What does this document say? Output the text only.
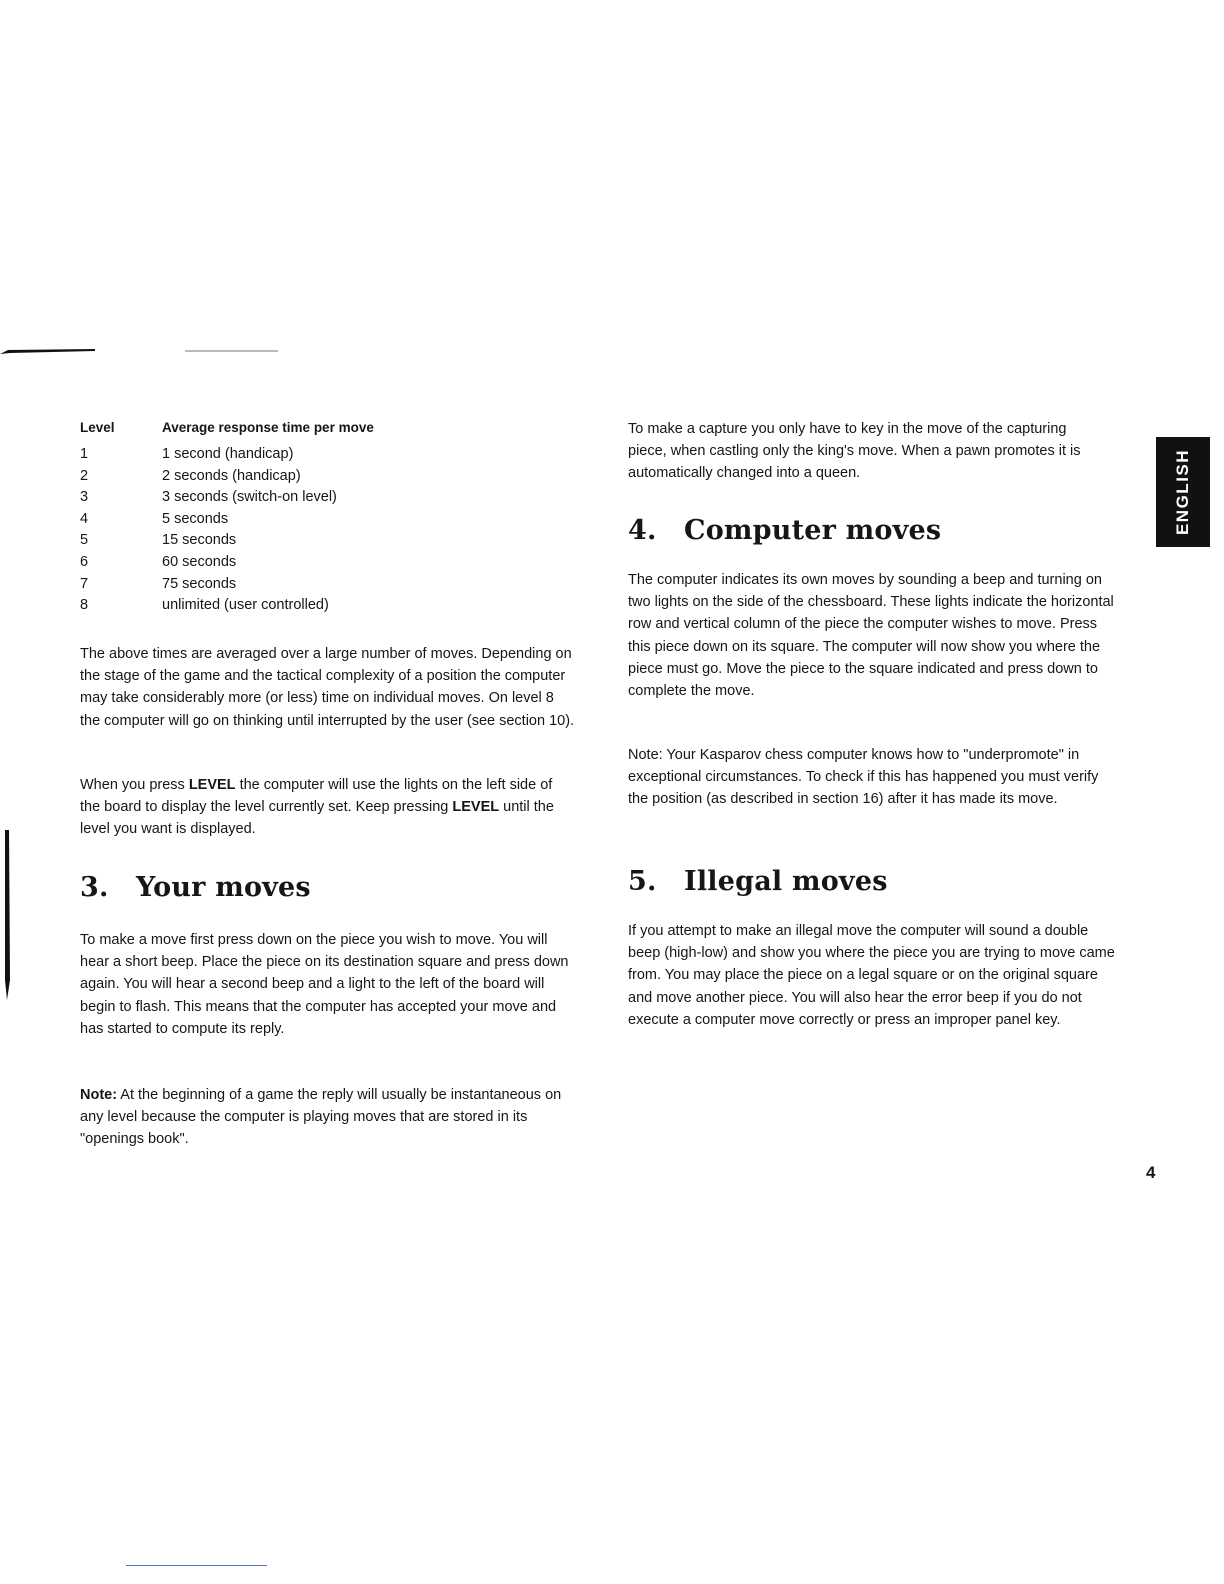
ENGLISH
Level	Average response time per move
1	1 second (handicap)
2	2 seconds (handicap)
3	3 seconds (switch-on level)
4	5 seconds
5	15 seconds
6	60 seconds
7	75 seconds
8	unlimited (user controlled)

The above times are averaged over a large number of moves. Depending on the stage of the game and the tactical complexity of a position the computer may take considerably more (or less) time on individual moves. On level 8 the computer will go on thinking until interrupted by the user (see section 10).

When you press LEVEL the computer will use the lights on the left side of the board to display the level currently set. Keep pressing LEVEL until the level you want is displayed.

3. Your moves

To make a move first press down on the piece you wish to move. You will hear a short beep. Place the piece on its destination square and press down again. You will hear a second beep and a light to the left of the board will begin to flash. This means that the computer has accepted your move and has started to compute its reply.

Note: At the beginning of a game the reply will usually be instantaneous on any level because the computer is playing moves that are stored in its "openings book".

To make a capture you only have to key in the move of the capturing piece, when castling only the king's move. When a pawn promotes it is automatically changed into a queen.

4. Computer moves

The computer indicates its own moves by sounding a beep and turning on two lights on the side of the chessboard. These lights indicate the horizontal row and vertical column of the piece the computer wishes to move. Press this piece down on its square. The computer will now show you where the piece must go. Move the piece to the square indicated and press down to complete the move.

Note: Your Kasparov chess computer knows how to "underpromote" in exceptional circumstances. To check if this has happened you must verify the position (as described in section 16) after it has made its move.

5. Illegal moves

If you attempt to make an illegal move the computer will sound a double beep (high-low) and show you where the piece you are trying to move came from. You may place the piece on a legal square or on the original square and move another piece. You will also hear the error beep if you do not execute a computer move correctly or press an improper panel key.

4
